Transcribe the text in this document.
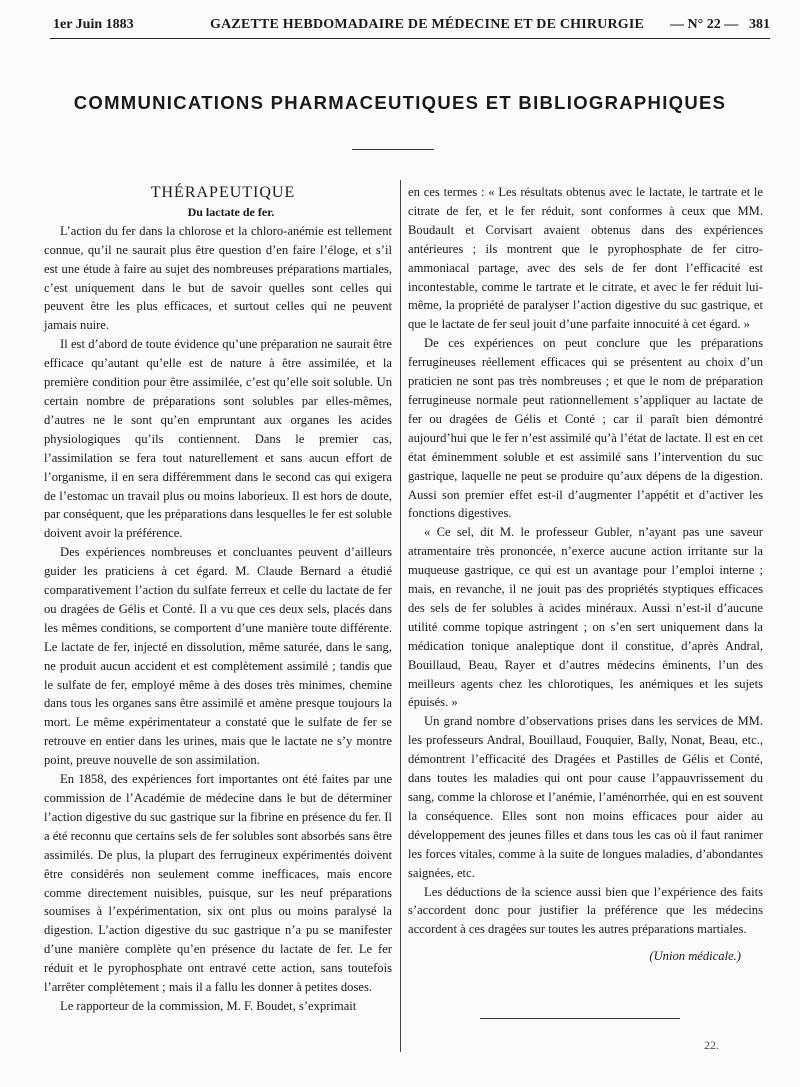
1er Juin 1883	GAZETTE HEBDOMADAIRE DE MÉDECINE ET DE CHIRURGIE — N° 22 — 381
COMMUNICATIONS PHARMACEUTIQUES ET BIBLIOGRAPHIQUES

THÉRAPEUTIQUE

Du lactate de fer.

L’action du fer dans la chlorose et la chloro-anémie est tellement connue, qu’il ne saurait plus être question d’en faire l’éloge, et s’il est une étude à faire au sujet des nombreuses préparations martiales, c’est uniquement dans le but de savoir quelles sont celles qui peuvent être les plus efficaces, et surtout celles qui ne peuvent jamais nuire.

Il est d’abord de toute évidence qu’une préparation ne saurait être efficace qu’autant qu’elle est de nature à être assimilée, et la première condition pour être assimilée, c’est qu’elle soit soluble. Un certain nombre de préparations sont solubles par elles-mêmes, d’autres ne le sont qu’en empruntant aux organes les acides physiologiques qu’ils contiennent. Dans le premier cas, l’assimilation se fera tout naturellement et sans aucun effort de l’organisme, il en sera différemment dans le second cas qui exigera de l’estomac un travail plus ou moins laborieux. Il est hors de doute, par conséquent, que les préparations dans lesquelles le fer est soluble doivent avoir la préférence.

Des expériences nombreuses et concluantes peuvent d’ailleurs guider les praticiens à cet égard. M. Claude Bernard a étudié comparativement l’action du sulfate ferreux et celle du lactate de fer ou dragées de Gélis et Conté. Il a vu que ces deux sels, placés dans les mêmes conditions, se comportent d’une manière toute différente. Le lactate de fer, injecté en dissolution, même saturée, dans le sang, ne produit aucun accident et est complètement assimilé ; tandis que le sulfate de fer, employé même à des doses très minimes, chemine dans tous les organes sans être assimilé et amène presque toujours la mort. Le même expérimentateur a constaté que le sulfate de fer se retrouve en entier dans les urines, mais que le lactate ne s’y montre point, preuve nouvelle de son assimilation.

En 1858, des expériences fort importantes ont été faites par une commission de l’Académie de médecine dans le but de déterminer l’action digestive du suc gastrique sur la fibrine en présence du fer. Il a été reconnu que certains sels de fer solubles sont absorbés sans être assimilés. De plus, la plupart des ferrugineux expérimentés doivent être considérés non seulement comme inefficaces, mais encore comme directement nuisibles, puisque, sur les neuf préparations soumises à l’expérimentation, six ont plus ou moins paralysé la digestion. L’action digestive du suc gastrique n’a pu se manifester d’une manière complète qu’en présence du lactate de fer. Le fer réduit et le pyrophosphate ont entravé cette action, sans toutefois l’arrêter complètement ; mais il a fallu les donner à petites doses.

Le rapporteur de la commission, M. F. Boudet, s’exprimait

en ces termes : « Les résultats obtenus avec le lactate, le tartrate et le citrate de fer, et le fer réduit, sont conformes à ceux que MM. Boudault et Corvisart avaient obtenus dans des expériences antérieures ; ils montrent que le pyrophosphate de fer citro-ammoniacal partage, avec des sels de fer dont l’efficacité est incontestable, comme le tartrate et le citrate, et avec le fer réduit lui-même, la propriété de paralyser l’action digestive du suc gastrique, et que le lactate de fer seul jouit d’une parfaite innocuité à cet égard. »

De ces expériences on peut conclure que les préparations ferrugineuses réellement efficaces qui se présentent au choix d’un praticien ne sont pas très nombreuses ; et que le nom de préparation ferrugineuse normale peut rationnellement s’appliquer au lactate de fer ou dragées de Gélis et Conté ; car il paraît bien démontré aujourd’hui que le fer n’est assimilé qu’à l’état de lactate. Il est en cet état éminemment soluble et est assimilé sans l’intervention du suc gastrique, laquelle ne peut se produire qu’aux dépens de la digestion. Aussi son premier effet est-il d’augmenter l’appétit et d’activer les fonctions digestives.

« Ce sel, dit M. le professeur Gubler, n’ayant pas une saveur atramentaire très prononcée, n’exerce aucune action irritante sur la muqueuse gastrique, ce qui est un avantage pour l’emploi interne ; mais, en revanche, il ne jouit pas des propriétés styptiques efficaces des sels de fer solubles à acides minéraux. Aussi n’est-il d’aucune utilité comme topique astringent ; on s’en sert uniquement dans la médication tonique analeptique dont il constitue, d’après Andral, Bouillaud, Beau, Rayer et d’autres médecins éminents, l’un des meilleurs agents chez les chlorotiques, les anémiques et les sujets épuisés. »

Un grand nombre d’observations prises dans les services de MM. les professeurs Andral, Bouillaud, Fouquier, Bally, Nonat, Beau, etc., démontrent l’efficacité des Dragées et Pastilles de Gélis et Conté, dans toutes les maladies qui ont pour cause l’appauvrissement du sang, comme la chlorose et l’anémie, l’aménorrhée, qui en est souvent la conséquence. Elles sont non moins efficaces pour aider au développement des jeunes filles et dans tous les cas où il faut ranimer les forces vitales, comme à la suite de longues maladies, d’abondantes saignées, etc.

Les déductions de la science aussi bien que l’expérience des faits s’accordent donc pour justifier la préférence que les médecins accordent à ces dragées sur toutes les autres préparations martiales.

(Union médicale.)

22.
